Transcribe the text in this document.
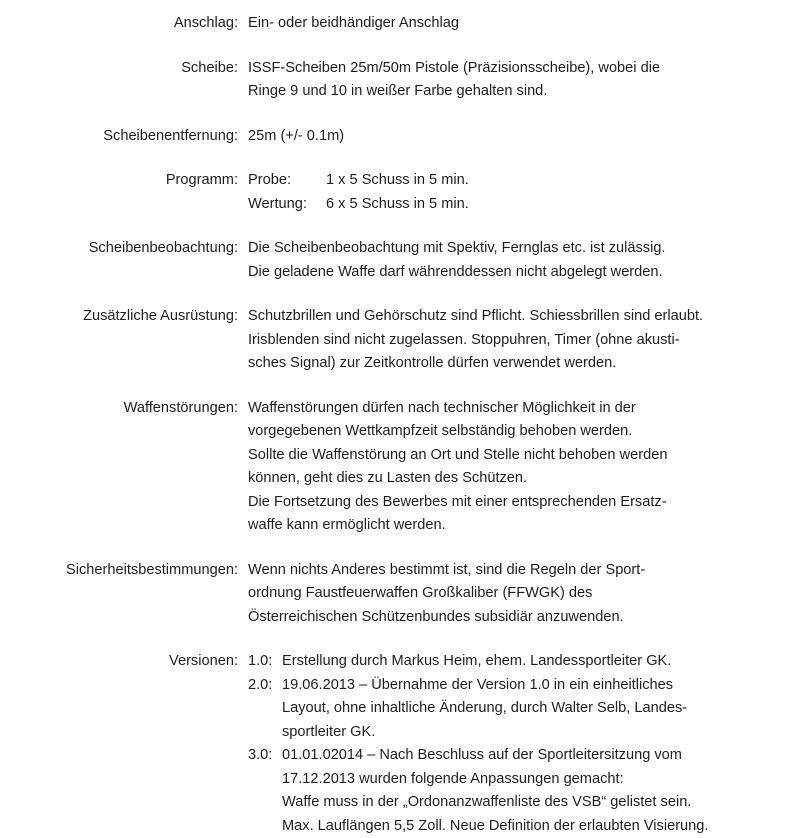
Anschlag: Ein- oder beidhändiger Anschlag
Scheibe: ISSF-Scheiben 25m/50m Pistole (Präzisionsscheibe), wobei die
Ringe 9 und 10 in weißer Farbe gehalten sind.
Scheibenentfernung: 25m (+/- 0.1m)
Programm: Probe:	1 x 5 Schuss in 5 min.
Wertung:	6 x 5 Schuss in 5 min.
Scheibenbeobachtung: Die Scheibenbeobachtung mit Spektiv, Fernglas etc. ist zulässig.
Die geladene Waffe darf währenddessen nicht abgelegt werden.
Zusätzliche Ausrüstung: Schutzbrillen und Gehörschutz sind Pflicht. Schiessbrillen sind erlaubt.
Irisblenden sind nicht zugelassen. Stoppuhren, Timer (ohne akusti-
sches Signal) zur Zeitkontrolle dürfen verwendet werden.
Waffenstörungen: Waffenstörungen dürfen nach technischer Möglichkeit in der
vorgegebenen Wettkampfzeit selbständig behoben werden.
Sollte die Waffenstörung an Ort und Stelle nicht behoben werden
können, geht dies zu Lasten des Schützen.
Die Fortsetzung des Bewerbes mit einer entsprechenden Ersatz-
waffe kann ermöglicht werden.
Sicherheitsbestimmungen: Wenn nichts Anderes bestimmt ist, sind die Regeln der Sport-
ordnung Faustfeuerwaffen Großkaliber (FFWGK) des
Österreichischen Schützenbundes subsidiär anzuwenden.
Versionen: 1.0: Erstellung durch Markus Heim, ehem. Landessportleiter GK.
2.0: 19.06.2013 – Übernahme der Version 1.0 in ein einheitliches
Layout, ohne inhaltliche Änderung, durch Walter Selb, Landes-
sportleiter GK.
3.0: 01.01.02014 – Nach Beschluss auf der Sportleitersitzung vom
17.12.2013 wurden folgende Anpassungen gemacht:
Waffe muss in der „Ordonanzwaffenliste des VSB“ gelistet sein.
Max. Lauflängen 5,5 Zoll. Neue Definition der erlaubten Visierung.
